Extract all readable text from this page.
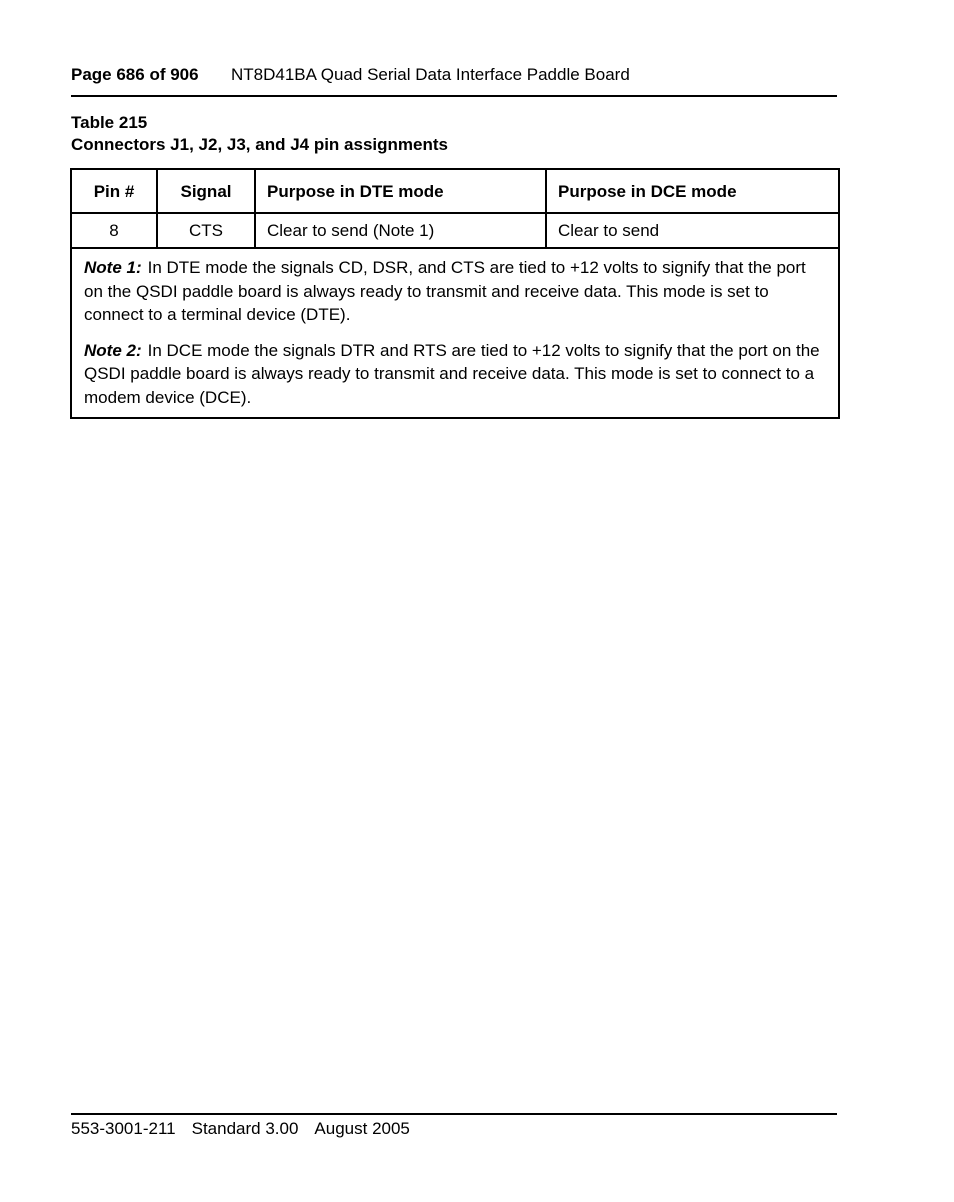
Page 686 of 906 NT8D41BA Quad Serial Data Interface Paddle Board
Table 215
Connectors J1, J2, J3, and J4 pin assignments
Pin #	Signal	Purpose in DTE mode	Purpose in DCE mode
8	CTS	Clear to send (Note 1)	Clear to send

Note 1: In DTE mode the signals CD, DSR, and CTS are tied to +12 volts to signify that the port on the QSDI paddle board is always ready to transmit and receive data. This mode is set to connect to a terminal device (DTE).

Note 2: In DCE mode the signals DTR and RTS are tied to +12 volts to signify that the port on the QSDI paddle board is always ready to transmit and receive data. This mode is set to connect to a modem device (DCE).			

553-3001-211 Standard 3.00 August 2005
